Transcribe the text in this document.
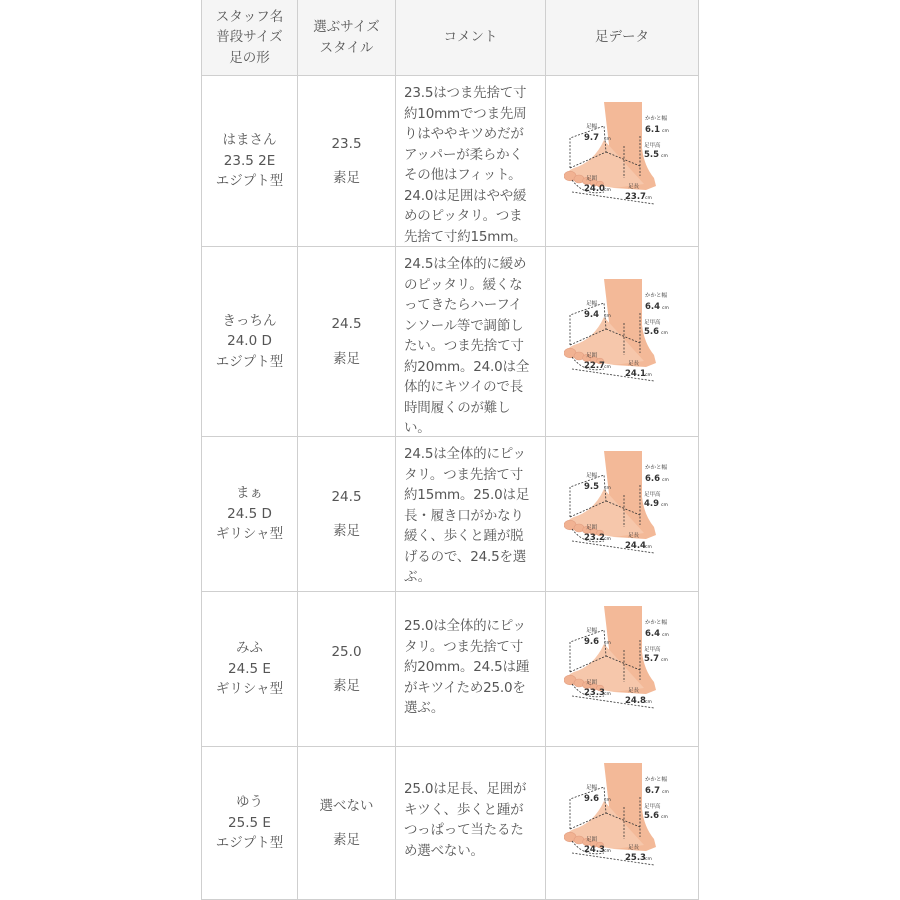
スタッフ名
普段サイズ
足の形
選ぶサイズ
スタイル
コメント	足データ
はまさん
23.5 2E
エジプト型
23.5
素足
23.5はつま先捨て寸
約10mmでつま先周
りはややキツめだが
アッパーが柔らかく
その他はフィット。
24.0は足囲はやや緩
めのピッタリ。つま
先捨て寸約15mm。
足幅
9.7 cm
かかと幅
6.1 cm
足甲高
5.5 cm
足囲
24.0 cm
足長
23.7 cm
きっちん
24.0 D
エジプト型
24.5
素足
24.5は全体的に緩め
のピッタリ。緩くな
ってきたらハーフイ
ンソール等で調節し
たい。つま先捨て寸
約20mm。24.0は全
体的にキツイので長
時間履くのが難し
い。
足幅
9.4 cm
かかと幅
6.4 cm
足甲高
5.6 cm
足囲
22.7 cm
足長
24.1 cm
まぁ
24.5 D
ギリシャ型
24.5
素足
24.5は全体的にピッ
タリ。つま先捨て寸
約15mm。25.0は足
長・履き口がかなり
緩く、歩くと踵が脱
げるので、24.5を選
ぶ。
足幅
9.5 cm
かかと幅
6.6 cm
足甲高
4.9 cm
足囲
23.2 cm
足長
24.4 cm
みふ
24.5 E
ギリシャ型
25.0
素足
25.0は全体的にピッ
タリ。つま先捨て寸
約20mm。24.5は踵
がキツイため25.0を
選ぶ。
足幅
9.6 cm
かかと幅
6.4 cm
足甲高
5.7 cm
足囲
23.3 cm
足長
24.8 cm
ゆう
25.5 E
エジプト型
選べない
素足
25.0は足長、足囲が
キツく、歩くと踵が
つっぱって当たるた
め選べない。
足幅
9.6 cm
かかと幅
6.7 cm
足甲高
5.6 cm
足囲
24.3 cm
足長
25.3 cm
